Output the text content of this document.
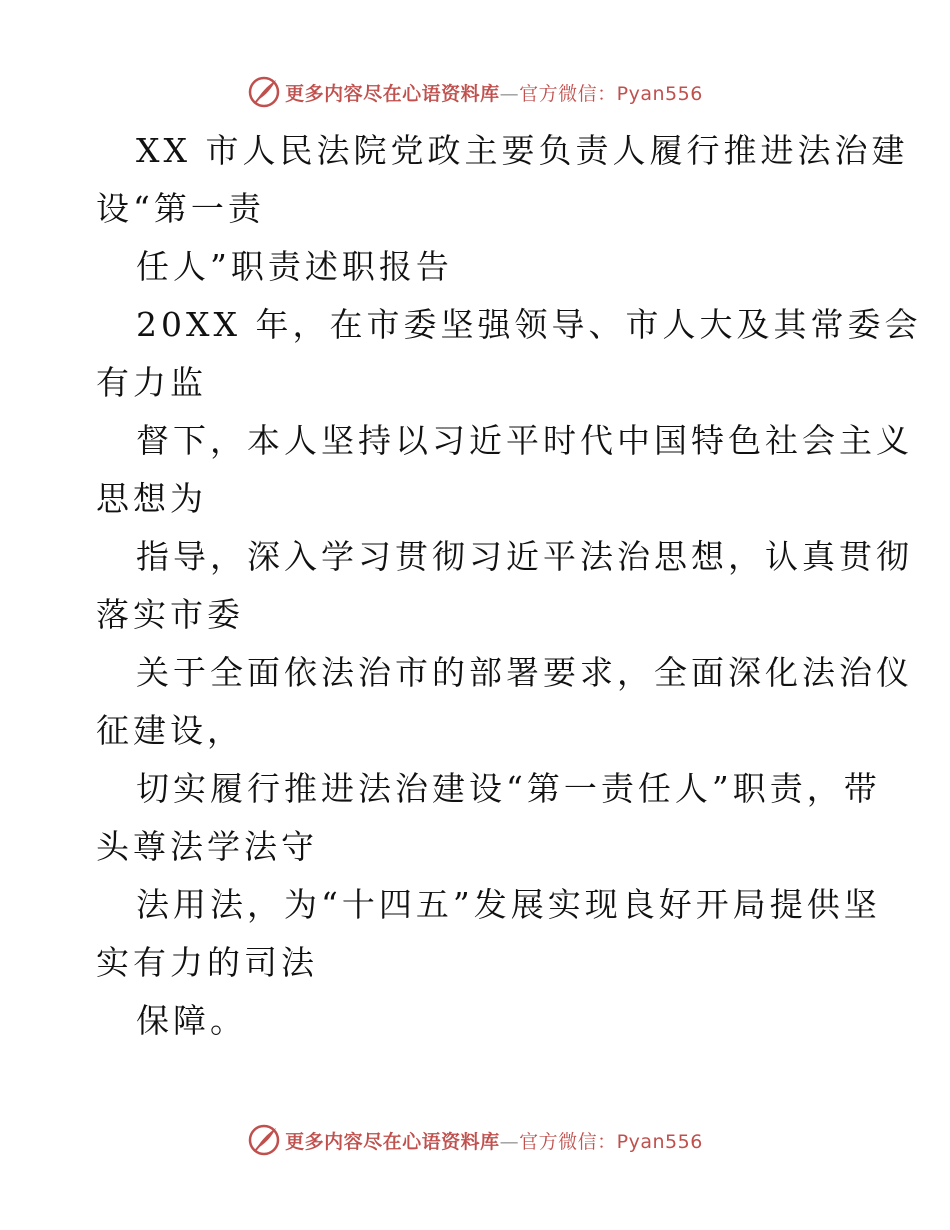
更多内容尽在心语资料库—官方微信：Pyan556
XX 市人民法院党政主要负责人履行推进法治建
设“第一责
任人”职责述职报告
20XX 年，在市委坚强领导、市人大及其常委会
有力监
督下，本人坚持以习近平时代中国特色社会主义
思想为
指导，深入学习贯彻习近平法治思想，认真贯彻
落实市委
关于全面依法治市的部署要求，全面深化法治仪
征建设，
切实履行推进法治建设“第一责任人”职责，带
头尊法学法守
法用法，为“十四五”发展实现良好开局提供坚
实有力的司法
保障。
更多内容尽在心语资料库—官方微信：Pyan556
